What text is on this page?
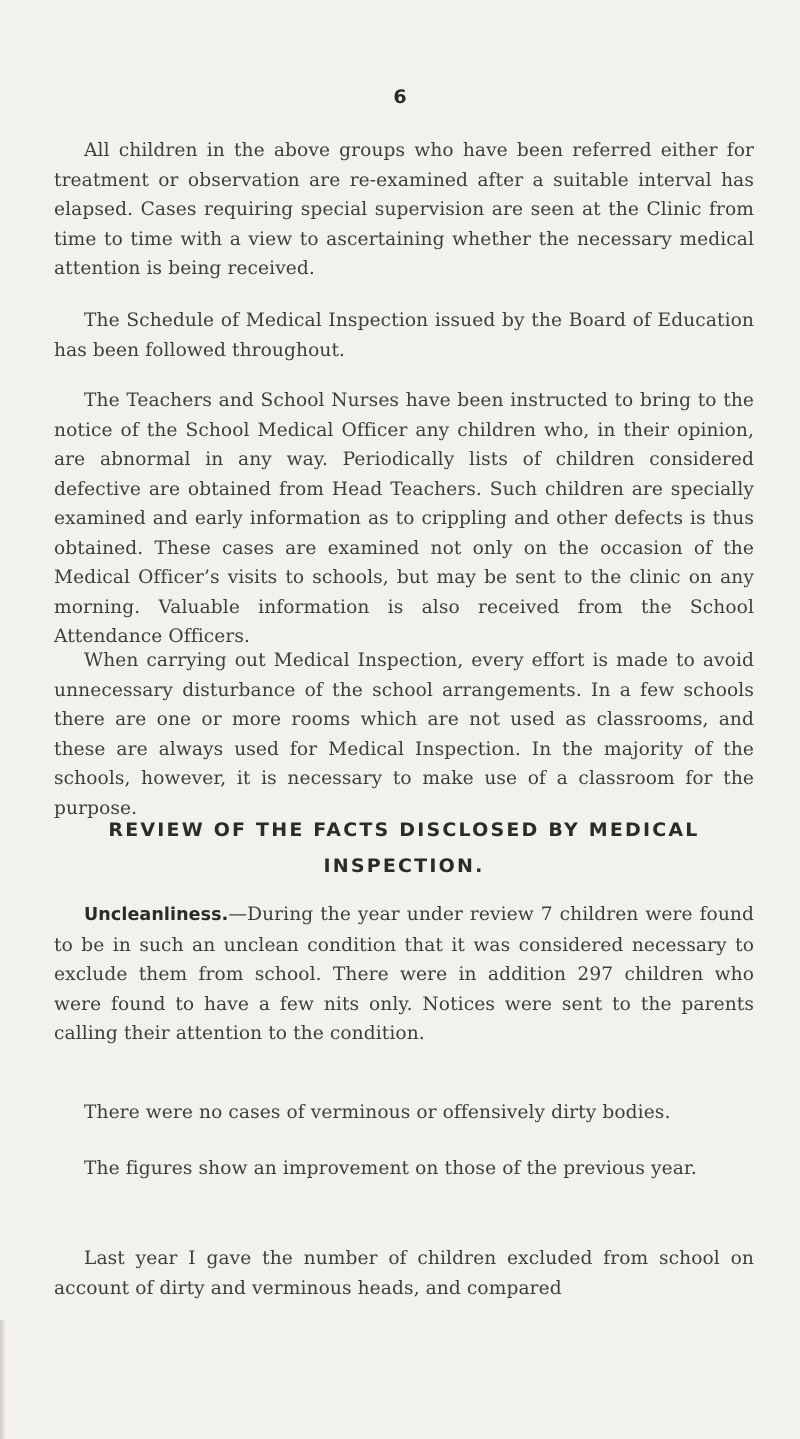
6

All children in the above groups who have been referred either for treatment or observation are re-examined after a suitable interval has elapsed. Cases requiring special supervision are seen at the Clinic from time to time with a view to ascertaining whether the necessary medical attention is being received.

The Schedule of Medical Inspection issued by the Board of Education has been followed throughout.

The Teachers and School Nurses have been instructed to bring to the notice of the School Medical Officer any children who, in their opinion, are abnormal in any way. Periodically lists of children considered defective are obtained from Head Teachers. Such children are specially examined and early information as to crippling and other defects is thus obtained. These cases are examined not only on the occasion of the Medical Officer’s visits to schools, but may be sent to the clinic on any morning. Valuable information is also received from the School Attendance Officers.

When carrying out Medical Inspection, every effort is made to avoid unnecessary disturbance of the school arrangements. In a few schools there are one or more rooms which are not used as classrooms, and these are always used for Medical Inspection. In the majority of the schools, however, it is necessary to make use of a classroom for the purpose.

REVIEW OF THE FACTS DISCLOSED BY MEDICAL INSPECTION.

Uncleanliness.—During the year under review 7 children were found to be in such an unclean condition that it was considered necessary to exclude them from school. There were in addition 297 children who were found to have a few nits only. Notices were sent to the parents calling their attention to the condition.

There were no cases of verminous or offensively dirty bodies.

The figures show an improvement on those of the previous year.

Last year I gave the number of children excluded from school on account of dirty and verminous heads, and compared
